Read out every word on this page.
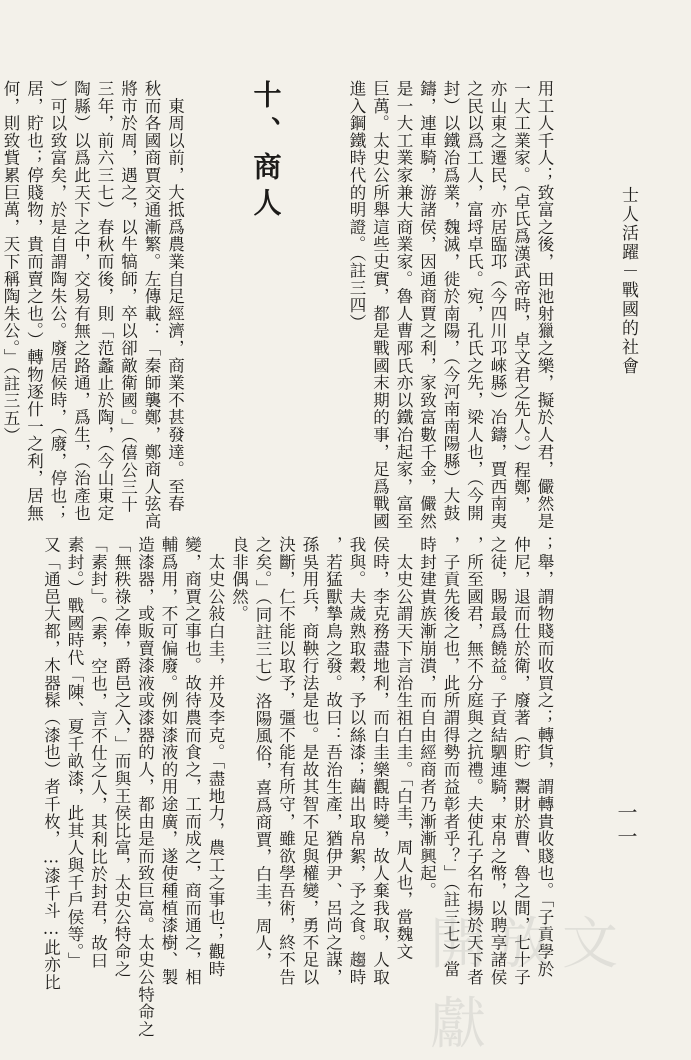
士人活躍－戰國的社會
一一

用工人千人；致富之後，田池射獵之樂，擬於人君，儼然是
一大工業家。（卓氏爲漢武帝時，卓文君之先人。）程鄭，
亦山東之遷民，亦居臨邛（今四川邛崍縣）冶鑄，賈西南夷
之民以爲工人，富埒卓氏。宛，孔氏之先，梁人也，（今開
封）以鐵冶爲業，魏滅，徙於南陽，（今河南南陽縣）大鼓
鑄，連車騎，游諸侯，因通商賈之利，家致富數千金，儼然
是一大工業家兼大商業家。魯人曹邴氏亦以鐵冶起家，富至
巨萬。太史公所舉這些史實，都是戰國末期的事，足爲戰國
進入鋼鐵時代的明證。（註三四）

十、商人

　東周以前，大抵爲農業自足經濟，商業不甚發達。至春
秋而各國商賈交通漸繁。左傳載：「秦師襲鄭，鄭商人弦高
將市於周，遇之，以牛犒師，卒以卻敵衛國。」（僖公三十
三年，前六三七）春秋而後，則「范蠡止於陶，（今山東定
陶縣）以爲此天下之中，交易有無之路通，爲生，（治產也
）可以致富矣，於是自謂陶朱公。廢居候時，（廢，停也；
居，貯也；停賤物，貴而賣之也。）轉物逐什一之利，居無
何，則致貲累巨萬，天下稱陶朱公。」（註三五）

；舉，謂物賤而收買之；轉貨，謂轉貴收賤也。「子貢學於
仲尼，退而仕於衛，廢著（貯）鬻財於曹、魯之間，七十子
之徒，賜最爲饒益。子貢結駟連騎，束帛之幣，以聘享諸侯
，所至國君，無不分庭與之抗禮。夫使孔子名布揚於天下者
，子貢先後之也，此所謂得勢而益彰者乎？」（註三七）當
時封建貴族漸崩潰，而自由經商者乃漸漸興起。
　太史公謂天下言治生祖白圭。「白圭，周人也，當魏文
侯時，李克務盡地利，而白圭樂觀時變，故人棄我取，人取
我與。夫歲熟取穀，予以絲漆；繭出取帛絮，予之食。趨時
，若猛獸摯鳥之發。故曰：吾治生產，猶伊尹、呂尚之謀，
孫吳用兵，商鞅行法是也。是故其智不足與權變，勇不足以
決斷，仁不能以取予，彊不能有所守，雖欲學吾術，終不告
之矣。」（同註三七）洛陽風俗，喜爲商賈，白圭，周人，
良非偶然。
　太史公敍白圭，并及李克。「盡地力，農工之事也；觀時
變，商賈之事也。故待農而食之，工而成之，商而通之，相
輔爲用，不可偏廢。例如漆液的用途廣，遂使種植漆樹、製
造漆器，或販賣漆液或漆器的人，都由是而致巨富。太史公特命之
「無秩祿之俸，爵邑之入，」而與王侯比富，太史公特命之
「素封」。（素，空也，言不仕之人，其利比於封君，故曰
素封。）戰國時代「陳、夏千畝漆，此其人與千戶侯等。」
又「通邑大都，木器髹（漆也）者千枚，…漆千斗…此亦比

	開放文獻
